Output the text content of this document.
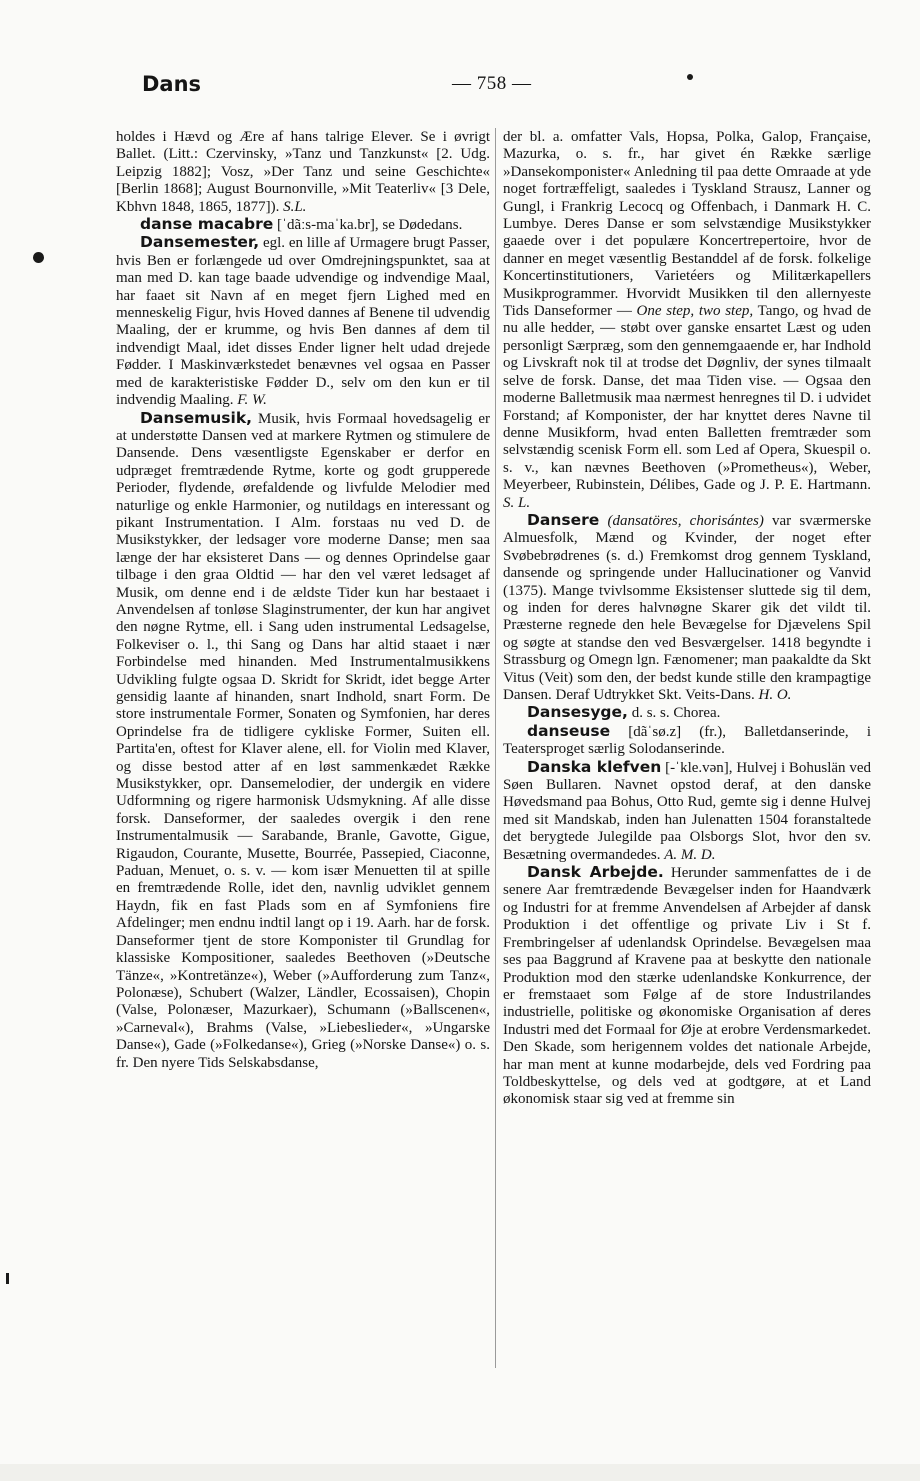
Dans	— 758 —

holdes i Hævd og Ære af hans talrige Elever. Se i øvrigt Ballet. (Litt.: Czervinsky, »Tanz und Tanzkunst« [2. Udg. Leipzig 1882]; Vosz, »Der Tanz und seine Geschichte« [Berlin 1868]; August Bournonville, »Mit Teaterliv« [3 Dele, Kbhvn 1848, 1865, 1877]). S.L.

danse macabre [ˈdãːs-maˈka.br], se Dødedans.

Dansemester, egl. en lille af Urmagere brugt Passer, hvis Ben er forlængede ud over Omdrejningspunktet, saa at man med D. kan tage baade udvendige og indvendige Maal, har faaet sit Navn af en meget fjern Lighed med en menneskelig Figur, hvis Hoved dannes af Benene til udvendig Maaling, der er krumme, og hvis Ben dannes af dem til indvendigt Maal, idet disses Ender ligner helt udad drejede Fødder. I Maskinværkstedet benævnes vel ogsaa en Passer med de karakteristiske Fødder D., selv om den kun er til indvendig Maaling. F. W.

Dansemusik, Musik, hvis Formaal hovedsagelig er at understøtte Dansen ved at markere Rytmen og stimulere de Dansende. Dens væsentligste Egenskaber er derfor en udpræget fremtrædende Rytme, korte og godt grupperede Perioder, flydende, ørefaldende og livfulde Melodier med naturlige og enkle Harmonier, og nutildags en interessant og pikant Instrumentation. I Alm. forstaas nu ved D. de Musikstykker, der ledsager vore moderne Danse; men saa længe der har eksisteret Dans — og dennes Oprindelse gaar tilbage i den graa Oldtid — har den vel været ledsaget af Musik, om denne end i de ældste Tider kun har bestaaet i Anvendelsen af tonløse Slaginstrumenter, der kun har angivet den nøgne Rytme, ell. i Sang uden instrumental Ledsagelse, Folkeviser o. l., thi Sang og Dans har altid staaet i nær Forbindelse med hinanden. Med Instrumentalmusikkens Udvikling fulgte ogsaa D. Skridt for Skridt, idet begge Arter gensidig laante af hinanden, snart Indhold, snart Form. De store instrumentale Former, Sonaten og Symfonien, har deres Oprindelse fra de tidligere cykliske Former, Suiten ell. Partita'en, oftest for Klaver alene, ell. for Violin med Klaver, og disse bestod atter af en løst sammenkædet Række Musikstykker, opr. Dansemelodier, der undergik en videre Udformning og rigere harmonisk Udsmykning. Af alle disse forsk. Danseformer, der saaledes overgik i den rene Instrumentalmusik — Sarabande, Branle, Gavotte, Gigue, Rigaudon, Courante, Musette, Bourrée, Passepied, Ciaconne, Paduan, Menuet, o. s. v. — kom især Menuetten til at spille en fremtrædende Rolle, idet den, navnlig udviklet gennem Haydn, fik en fast Plads som en af Symfoniens fire Afdelinger; men endnu indtil langt op i 19. Aarh. har de forsk. Danseformer tjent de store Komponister til Grundlag for klassiske Kompositioner, saaledes Beethoven (»Deutsche Tänze«, »Kontretänze«), Weber (»Aufforderung zum Tanz«, Polonæse), Schubert (Walzer, Ländler, Ecossaisen), Chopin (Valse, Polonæser, Mazurkaer), Schumann (»Ballscenen«, »Carneval«), Brahms (Valse, »Liebeslieder«, »Ungarske Danse«), Gade (»Folkedanse«), Grieg (»Norske Danse«) o. s. fr. Den nyere Tids Selskabsdanse,

der bl. a. omfatter Vals, Hopsa, Polka, Galop, Française, Mazurka, o. s. fr., har givet én Række særlige »Dansekomponister« Anledning til paa dette Omraade at yde noget fortræffeligt, saaledes i Tyskland Strausz, Lanner og Gungl, i Frankrig Lecocq og Offenbach, i Danmark H. C. Lumbye. Deres Danse er som selvstændige Musikstykker gaaede over i det populære Koncertrepertoire, hvor de danner en meget væsentlig Bestanddel af de forsk. folkelige Koncertinstitutioners, Varietéers og Militærkapellers Musikprogrammer. Hvorvidt Musikken til den allernyeste Tids Danseformer — One step, two step, Tango, og hvad de nu alle hedder, — støbt over ganske ensartet Læst og uden personligt Særpræg, som den gennemgaaende er, har Indhold og Livskraft nok til at trodse det Døgnliv, der synes tilmaalt selve de forsk. Danse, det maa Tiden vise. — Ogsaa den moderne Balletmusik maa nærmest henregnes til D. i udvidet Forstand; af Komponister, der har knyttet deres Navne til denne Musikform, hvad enten Balletten fremtræder som selvstændig scenisk Form ell. som Led af Opera, Skuespil o. s. v., kan nævnes Beethoven (»Prometheus«), Weber, Meyerbeer, Rubinstein, Délibes, Gade og J. P. E. Hartmann. S. L.

Dansere (dansatöres, chorisántes) var sværmerske Almuesfolk, Mænd og Kvinder, der noget efter Svøbebrødrenes (s. d.) Fremkomst drog gennem Tyskland, dansende og springende under Hallucinationer og Vanvid (1375). Mange tvivlsomme Eksistenser sluttede sig til dem, og inden for deres halvnøgne Skarer gik det vildt til. Præsterne regnede den hele Bevægelse for Djævelens Spil og søgte at standse den ved Besværgelser. 1418 begyndte i Strassburg og Omegn lgn. Fænomener; man paakaldte da Skt Vitus (Veit) som den, der bedst kunde stille den krampagtige Dansen. Deraf Udtrykket Skt. Veits-Dans. H. O.

Dansesyge, d. s. s. Chorea.

danseuse [dãˈsø.z] (fr.), Balletdanserinde, i Teatersproget særlig Solodanserinde.

Danska klefven [-ˈkle.vən], Hulvej i Bohuslän ved Søen Bullaren. Navnet opstod deraf, at den danske Høvedsmand paa Bohus, Otto Rud, gemte sig i denne Hulvej med sit Mandskab, inden han Julenatten 1504 foranstaltede det berygtede Julegilde paa Olsborgs Slot, hvor den sv. Besætning overmandedes. A. M. D.

Dansk Arbejde. Herunder sammenfattes de i de senere Aar fremtrædende Bevægelser inden for Haandværk og Industri for at fremme Anvendelsen af Arbejder af dansk Produktion i det offentlige og private Liv i St f. Frembringelser af udenlandsk Oprindelse. Bevægelsen maa ses paa Baggrund af Kravene paa at beskytte den nationale Produktion mod den stærke udenlandske Konkurrence, der er fremstaaet som Følge af de store Industrilandes industrielle, politiske og økonomiske Organisation af deres Industri med det Formaal for Øje at erobre Verdensmarkedet. Den Skade, som herigennem voldes det nationale Arbejde, har man ment at kunne modarbejde, dels ved Fordring paa Toldbeskyttelse, og dels ved at godtgøre, at et Land økonomisk staar sig ved at fremme sin
